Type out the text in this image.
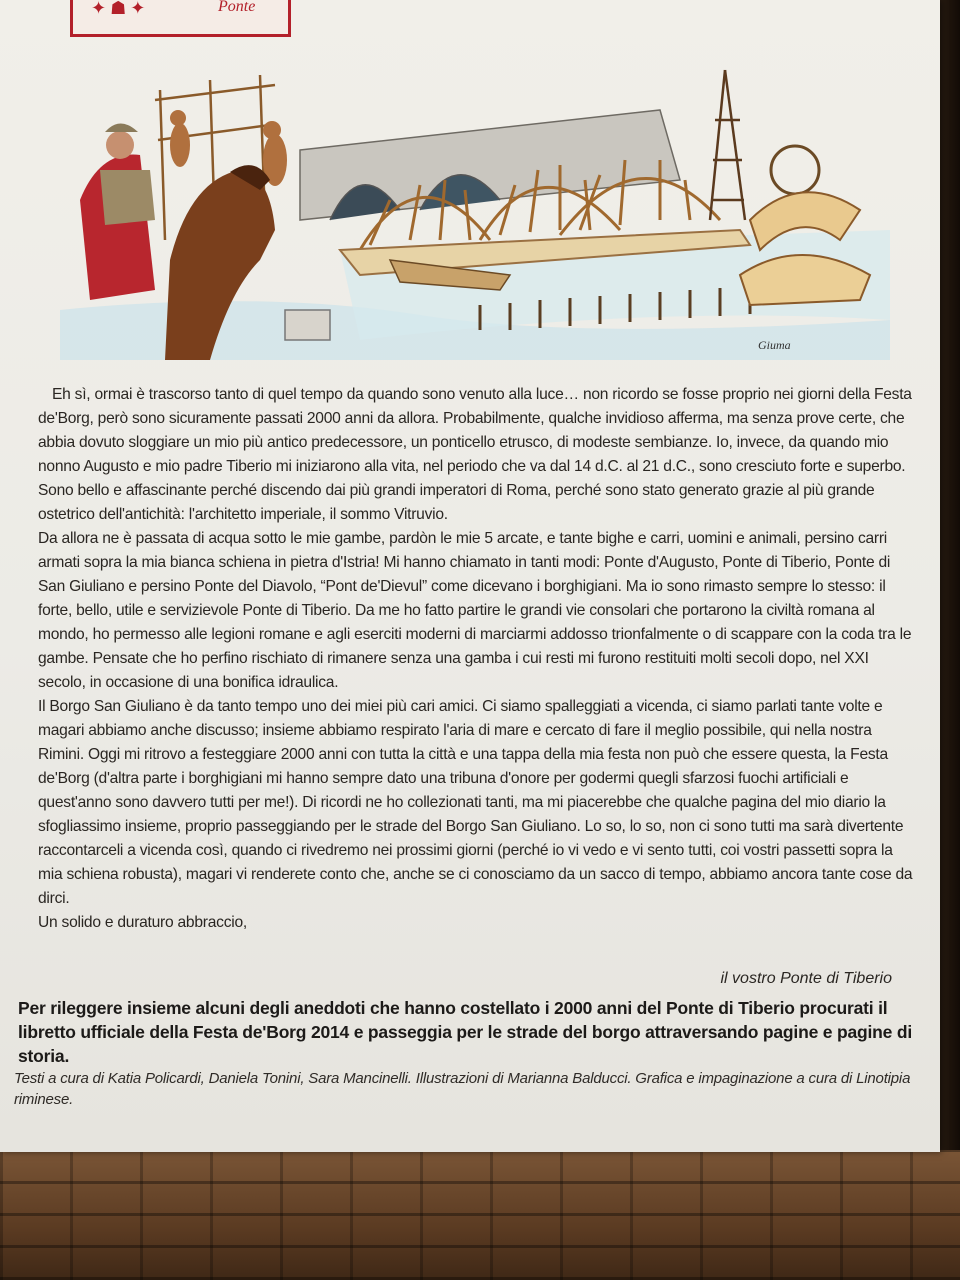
✦☗✦	Ponte
Giuma

Eh sì, ormai è trascorso tanto di quel tempo da quando sono venuto alla luce… non ricordo se fosse proprio nei giorni della Festa de'Borg, però sono sicuramente passati 2000 anni da allora. Probabilmente, qualche invidioso afferma, ma senza prove certe, che abbia dovuto sloggiare un mio più antico predecessore, un ponticello etrusco, di modeste sembianze. Io, invece, da quando mio nonno Augusto e mio padre Tiberio mi iniziarono alla vita, nel periodo che va dal 14 d.C. al 21 d.C., sono cresciuto forte e superbo. Sono bello e affascinante perché discendo dai più grandi imperatori di Roma, perché sono stato generato grazie al più grande ostetrico dell'antichità: l'architetto imperiale, il sommo Vitruvio.

Da allora ne è passata di acqua sotto le mie gambe, pardòn le mie 5 arcate, e tante bighe e carri, uomini e animali, persino carri armati sopra la mia bianca schiena in pietra d'Istria! Mi hanno chiamato in tanti modi: Ponte d'Augusto, Ponte di Tiberio, Ponte di San Giuliano e persino Ponte del Diavolo, “Pont de'Dievul” come dicevano i borghigiani. Ma io sono rimasto sempre lo stesso: il forte, bello, utile e servizievole Ponte di Tiberio. Da me ho fatto partire le grandi vie consolari che portarono la civiltà romana al mondo, ho permesso alle legioni romane e agli eserciti moderni di marciarmi addosso trionfalmente o di scappare con la coda tra le gambe. Pensate che ho perfino rischiato di rimanere senza una gamba i cui resti mi furono restituiti molti secoli dopo, nel XXI secolo, in occasione di una bonifica idraulica.

Il Borgo San Giuliano è da tanto tempo uno dei miei più cari amici. Ci siamo spalleggiati a vicenda, ci siamo parlati tante volte e magari abbiamo anche discusso; insieme abbiamo respirato l'aria di mare e cercato di fare il meglio possibile, qui nella nostra Rimini. Oggi mi ritrovo a festeggiare 2000 anni con tutta la città e una tappa della mia festa non può che essere questa, la Festa de'Borg (d'altra parte i borghigiani mi hanno sempre dato una tribuna d'onore per godermi quegli sfarzosi fuochi artificiali e quest'anno sono davvero tutti per me!). Di ricordi ne ho collezionati tanti, ma mi piacerebbe che qualche pagina del mio diario la sfogliassimo insieme, proprio passeggiando per le strade del Borgo San Giuliano. Lo so, lo so, non ci sono tutti ma sarà divertente raccontarceli a vicenda così, quando ci rivedremo nei prossimi giorni (perché io vi vedo e vi sento tutti, coi vostri passetti sopra la mia schiena robusta), magari vi renderete conto che, anche se ci conosciamo da un sacco di tempo, abbiamo ancora tante cose da dirci.

Un solido e duraturo abbraccio,

il vostro Ponte di Tiberio
Per rileggere insieme alcuni degli aneddoti che hanno costellato i 2000 anni del Ponte di Tiberio procurati il libretto ufficiale della Festa de'Borg 2014 e passeggia per le strade del borgo attraversando pagine e pagine di storia.
Testi a cura di Katia Policardi, Daniela Tonini, Sara Mancinelli. Illustrazioni di Marianna Balducci. Grafica e impaginazione a cura di Linotipia riminese.
